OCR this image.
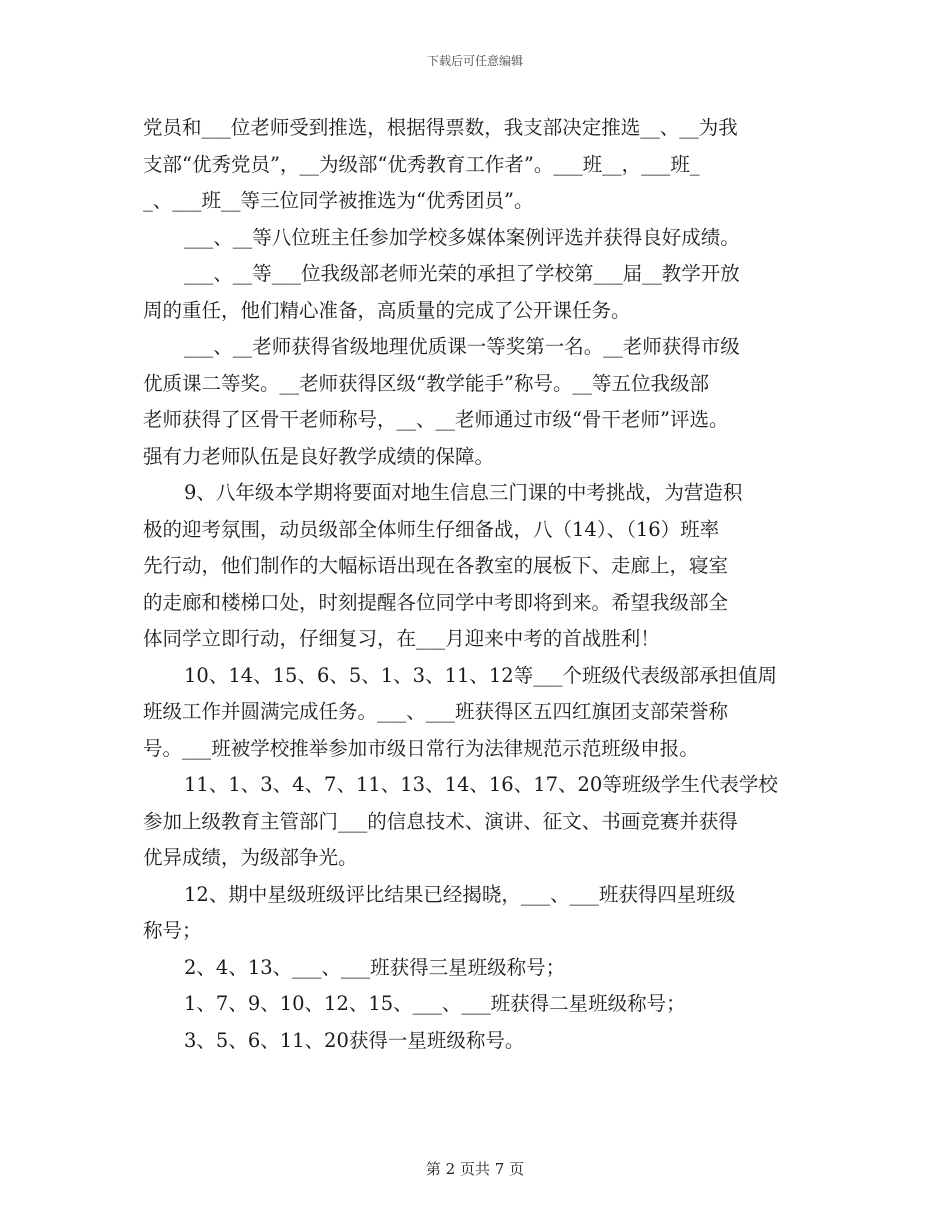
下载后可任意编辑
党员和___位老师受到推选，根据得票数，我支部决定推选__、__为我
支部“优秀党员”，__为级部“优秀教育工作者”。___班__，___班_
_、___班__等三位同学被推选为“优秀团员”。
___、__等八位班主任参加学校多媒体案例评选并获得良好成绩。
___、__等___位我级部老师光荣的承担了学校第___届__教学开放
周的重任，他们精心准备，高质量的完成了公开课任务。
___、__老师获得省级地理优质课一等奖第一名。__老师获得市级
优质课二等奖。__老师获得区级“教学能手”称号。__等五位我级部
老师获得了区骨干老师称号，__、__老师通过市级“骨干老师”评选。
强有力老师队伍是良好教学成绩的保障。
9、八年级本学期将要面对地生信息三门课的中考挑战，为营造积
极的迎考氛围，动员级部全体师生仔细备战，八（14）、（16）班率
先行动，他们制作的大幅标语出现在各教室的展板下、走廊上，寝室
的走廊和楼梯口处，时刻提醒各位同学中考即将到来。希望我级部全
体同学立即行动，仔细复习，在___月迎来中考的首战胜利！
10、14、15、6、5、1、3、11、12等___个班级代表级部承担值周
班级工作并圆满完成任务。___、___班获得区五四红旗团支部荣誉称
号。___班被学校推举参加市级日常行为法律规范示范班级申报。
11、1、3、4、7、11、13、14、16、17、20等班级学生代表学校
参加上级教育主管部门___的信息技术、演讲、征文、书画竞赛并获得
优异成绩，为级部争光。
12、期中星级班级评比结果已经揭晓，___、___班获得四星班级
称号；
2、4、13、___、___班获得三星班级称号；
1、7、9、10、12、15、___、___班获得二星班级称号；
3、5、6、11、20获得一星班级称号。
第 2 页共 7 页
